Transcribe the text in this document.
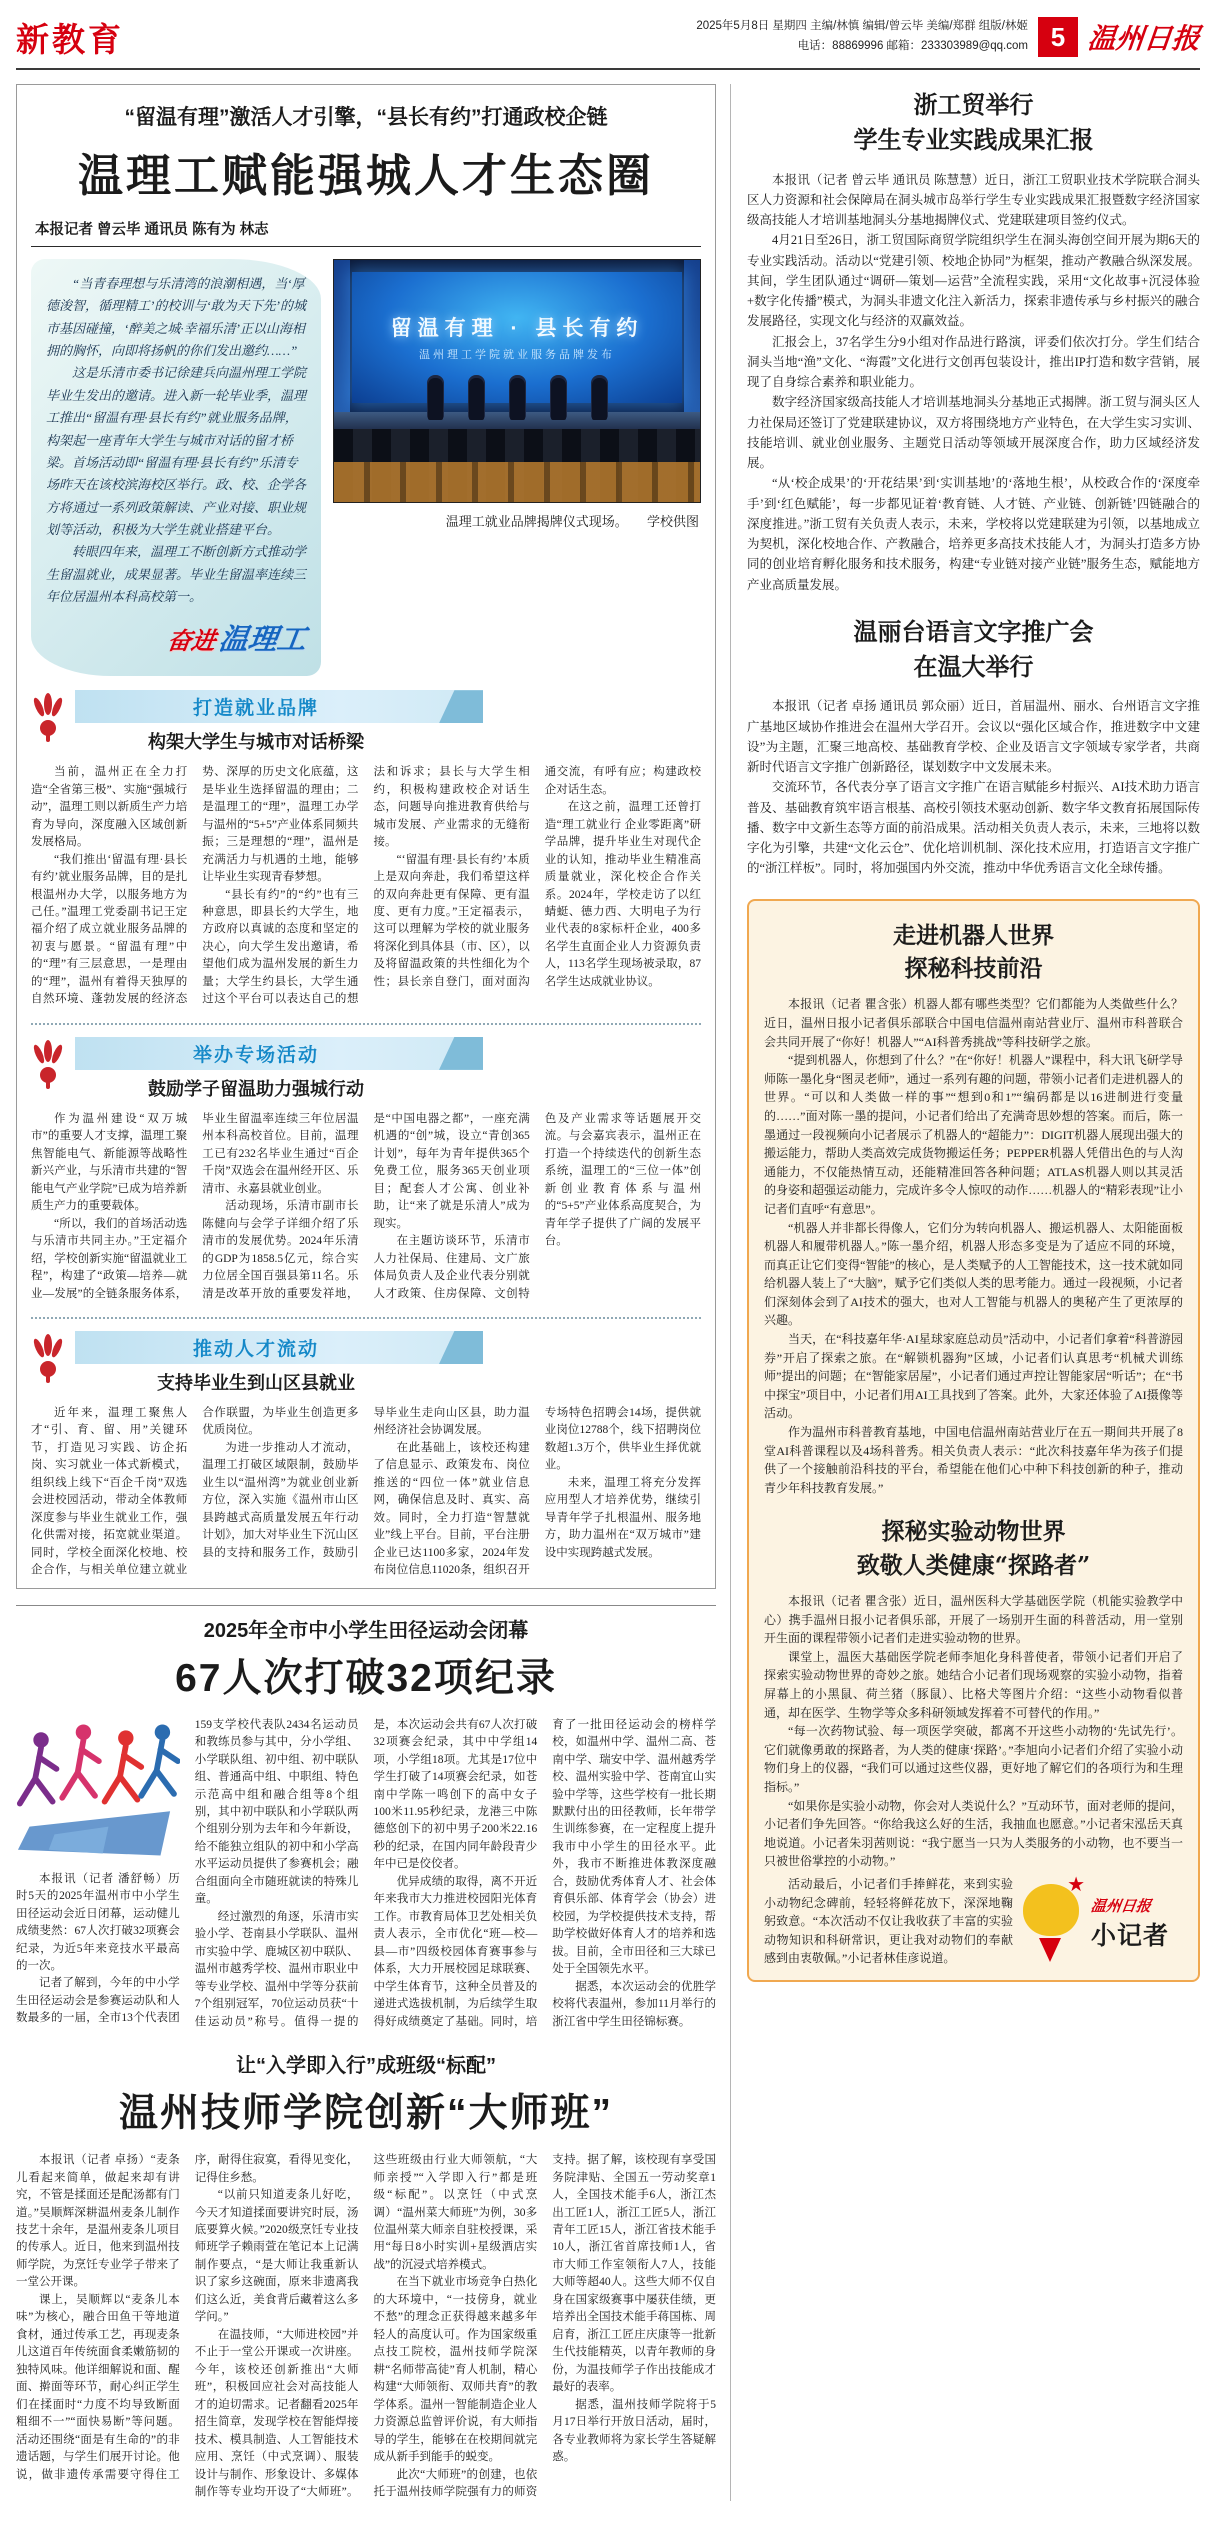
新教育	2025年5月8日 星期四 主编/林慎 编辑/曾云毕 美编/郑群 组版/林姬
电话：88869996 邮箱：233303989@qq.com 5 温州日报
“留温有理”激活人才引擎，“县长有约”打通政校企链
温理工赋能强城人才生态圈
本报记者 曾云毕 通讯员 陈有为 林志

“当青春理想与乐清湾的浪潮相遇，当‘厚德浚智，循理精工’的校训与‘敢为天下先’的城市基因碰撞，‘醉美之城·幸福乐清’正以山海相拥的胸怀，向即将扬帆的你们发出邀约……”

这是乐清市委书记徐建兵向温州理工学院毕业生发出的邀请。进入新一轮毕业季，温理工推出“留温有理·县长有约”就业服务品牌，构架起一座青年大学生与城市对话的留才桥梁。首场活动即“留温有理·县长有约”乐清专场昨天在该校滨海校区举行。政、校、企学各方将通过一系列政策解读、产业对接、职业规划等活动，积极为大学生就业搭建平台。

转眼四年来，温理工不断创新方式推动学生留温就业，成果显著。毕业生留温率连续三年位居温州本科高校第一。

奋进 温理工
留温有理 · 县长有约
温州理工学院就业服务品牌发布
温理工就业品牌揭牌仪式现场。 学校供图
打造就业品牌
构架大学生与城市对话桥梁

当前，温州正在全力打造“全省第三极”、实施“强城行动”，温理工则以新质生产力培育为导向，深度融入区域创新发展格局。

“我们推出‘留温有理·县长有约’就业服务品牌，目的是扎根温州办大学，以服务地方为己任。”温理工党委副书记王定福介绍了成立就业服务品牌的初衷与愿景。“留温有理”中的“理”有三层意思，一是理由的“理”，温州有着得天独厚的自然环境、蓬勃发展的经济态势、深厚的历史文化底蕴，这是毕业生选择留温的理由；二是温理工的“理”，温理工办学与温州的“5+5”产业体系同频共振；三是理想的“理”，温州是充满活力与机遇的土地，能够让毕业生实现青春梦想。

“县长有约”的“约”也有三种意思，即县长约大学生，地方政府以真诚的态度和坚定的决心，向大学生发出邀请，希望他们成为温州发展的新生力量；大学生约县长，大学生通过这个平台可以表达自己的想法和诉求；县长与大学生相约，积极构建政校企对话生态，问题导向推进教育供给与城市发展、产业需求的无缝衔接。

“‘留温有理·县长有约’本质上是双向奔赴，我们希望这样的双向奔赴更有保障、更有温度、更有力度。”王定福表示，这可以理解为学校的就业服务将深化到具体县（市、区），以及将留温政策的共性细化为个性；县长亲自登门，面对面沟通交流，有呼有应；构建政校企对话生态。

在这之前，温理工还曾打造“理工就业行 企业零距离”研学品牌，提升毕业生对现代企业的认知，推动毕业生精准高质量就业，深化校企合作关系。2024年，学校走访了以红蜻蜓、德力西、大明电子为行业代表的8家标杆企业，400多名学生直面企业人力资源负责人，113名学生现场被录取，87名学生达成就业协议。

举办专场活动
鼓励学子留温助力强城行动

作为温州建设“双万城市”的重要人才支撑，温理工聚焦智能电气、新能源等战略性新兴产业，与乐清市共建的“智能电气产业学院”已成为培养新质生产力的重要载体。

“所以，我们的首场活动选与乐清市共同主办。”王定福介绍，学校创新实施“留温就业工程”，构建了“政策—培养—就业—发展”的全链条服务体系，毕业生留温率连续三年位居温州本科高校首位。目前，温理工已有232名毕业生通过“百企千岗”双选会在温州经开区、乐清市、永嘉县就业创业。

活动现场，乐清市副市长陈健向与会学子详细介绍了乐清市的发展优势。2024年乐清的GDP为1858.5亿元，综合实力位居全国百强县第11名。乐清是改革开放的重要发祥地，是“中国电器之都”，一座充满机遇的“创”城，设立“青创365计划”，每年为青年提供365个免费工位，服务365天创业项目；配套人才公寓、创业补助，让“来了就是乐清人”成为现实。

在主题访谈环节，乐清市人力社保局、住建局、文广旅体局负责人及企业代表分别就人才政策、住房保障、文创特色及产业需求等话题展开交流。与会嘉宾表示，温州正在打造一个持续迭代的创新生态系统，温理工的“三位一体”创新创业教育体系与温州的“5+5”产业体系高度契合，为青年学子提供了广阔的发展平台。

推动人才流动
支持毕业生到山区县就业

近年来，温理工聚焦人才“引、育、留、用”关键环节，打造见习实践、访企拓岗、实习就业一体式新模式，组织线上线下“百企千岗”双选会进校园活动，带动全体教师深度参与毕业生就业工作，强化供需对接，拓宽就业渠道。同时，学校全面深化校地、校企合作，与相关单位建立就业合作联盟，为毕业生创造更多优质岗位。

为进一步推动人才流动，温理工打破区域限制，鼓励毕业生以“温州湾”为就业创业新方位，深入实施《温州市山区县跨越式高质量发展五年行动计划》，加大对毕业生下沉山区县的支持和服务工作，鼓励引导毕业生走向山区县，助力温州经济社会协调发展。

在此基础上，该校还构建了信息显示、政策发布、岗位推送的“四位一体”就业信息网，确保信息及时、真实、高效。同时，全力打造“智慧就业”线上平台。目前，平台注册企业已达1100多家，2024年发布岗位信息11020条，组织召开专场特色招聘会14场，提供就业岗位12788个，线下招聘岗位数超1.3万个，供毕业生择优就业。

未来，温理工将充分发挥应用型人才培养优势，继续引导青年学子扎根温州、服务地方，助力温州在“双万城市”建设中实现跨越式发展。

2025年全市中小学生田径运动会闭幕
67人次打破32项纪录

本报讯（记者 潘舒畅）历时5天的2025年温州市中小学生田径运动会近日闭幕，运动健儿成绩斐然：67人次打破32项赛会纪录，为近5年来竞技水平最高的一次。

记者了解到，今年的中小学生田径运动会是参赛运动队和人数最多的一届，全市13个代表团159支学校代表队2434名运动员和教练员参与其中，分小学组、小学联队组、初中组、初中联队组、普通高中组、中职组、特色示范高中组和融合组等8个组别，其中初中联队和小学联队两个组别分别为去年和今年新设，给不能独立组队的初中和小学高水平运动员提供了参赛机会；融合组面向全市随班就读的特殊儿童。

经过激烈的角逐，乐清市实验小学、苍南县小学联队、温州市实验中学、鹿城区初中联队、温州市越秀学校、温州市职业中等专业学校、温州中学等分获前7个组别冠军，70位运动员获“十佳运动员”称号。值得一提的是，本次运动会共有67人次打破32项赛会纪录，其中中学组14项，小学组18项。尤其是17位中学生打破了14项赛会纪录，如苍南中学陈一鸣创下的高中女子100米11.95秒纪录，龙港三中陈德悠创下的初中男子200米22.16秒的纪录，在国内同年龄段青少年中已是佼佼者。

优异成绩的取得，离不开近年来我市大力推进校园阳光体育工作。市教育局体卫艺处相关负责人表示，全市优化“班—校—县—市”四级校园体育赛事参与体系，大力开展校园足球联赛、中学生体育节，这种全员普及的递进式选拔机制，为后续学生取得好成绩奠定了基础。同时，培育了一批田径运动会的榜样学校，如温州中学、温州二高、苍南中学、瑞安中学、温州越秀学校、温州实验中学、苍南宜山实验中学等，这些学校有一批长期默默付出的田径教师，长年带学生训练参赛，在一定程度上提升我市中小学生的田径水平。此外，我市不断推进体教深度融合，鼓励优秀体育人才、社会体育俱乐部、体育学会（协会）进校园，为学校提供技术支持，帮助学校做好体育人才的培养和选拔。目前，全市田径和三大球已处于全国领先水平。

据悉，本次运动会的优胜学校将代表温州，参加11月举行的浙江省中学生田径锦标赛。

让“入学即入行”成班级“标配”
温州技师学院创新“大师班”

本报讯（记者 卓扬）“麦条儿看起来简单，做起来却有讲究，不管是揉面还是配汤都有门道。”吴顺辉深耕温州麦条儿制作技艺十余年，是温州麦条儿项目的传承人。近日，他来到温州技师学院，为烹饪专业学子带来了一堂公开课。

课上，吴顺辉以“麦条儿本味”为核心，融合田鱼干等地道食材，通过传承工艺，再现麦条儿这道百年传统面食柔嫩筋韧的独特风味。他详细解说和面、醒面、擀面等环节，耐心纠正学生们在揉面时“力度不均导致断面粗细不一”“面快易断”等问题。活动还围绕“面是有生命的”的非遗话题，与学生们展开讨论。他说，做非遗传承需要守得住工序，耐得住寂寞，看得见变化，记得住乡愁。

“以前只知道麦条儿好吃，今天才知道揉面要讲究时辰，汤底要算火候。”2020级烹饪专业技师班学子赖雨萱在笔记本上记满制作要点，“是大师让我重新认识了家乡这碗面，原来非遗离我们这么近，美食背后藏着这么多学问。”

在温技师，“大师进校园”并不止于一堂公开课或一次讲座。今年，该校还创新推出“大师班”，积极回应社会对高技能人才的迫切需求。记者翻看2025年招生简章，发现学校在智能焊接技术、模具制造、人工智能技术应用、烹饪（中式烹调）、服装设计与制作、形象设计、多媒体制作等专业均开设了“大师班”。这些班级由行业大师领航，“大师亲授”“入学即入行”都是班级“标配”。以烹饪（中式烹调）“温州菜大师班”为例，30多位温州菜大师亲自驻校授课，采用“每日8小时实训+星级酒店实战”的沉浸式培养模式。

在当下就业市场竞争白热化的大环境中，“一技傍身，就业不愁”的理念正获得越来越多年轻人的高度认可。作为国家级重点技工院校，温州技师学院深耕“名师带高徒”育人机制，精心构建“大师领衔、双师共育”的教学体系。温州一智能制造企业人力资源总监曾评价说，有大师指导的学生，能够在在校期间就完成从新手到能手的蜕变。

此次“大师班”的创建，也依托于温州技师学院强有力的师资支持。据了解，该校现有享受国务院津贴、全国五一劳动奖章1人，全国技术能手6人，浙江杰出工匠1人，浙江工匠5人，浙江青年工匠15人，浙江省技术能手10人，浙江省首席技师1人，省市大师工作室领衔人7人，技能大师等超40人。这些大师不仅自身在国家级赛事中屡获佳绩，更培养出全国技术能手蒋国栋、周启育，浙江工匠庄庆康等一批新生代技能精英，以青年教师的身份，为温技师学子作出技能成才最好的表率。

据悉，温州技师学院将于5月17日举行开放日活动，届时，各专业教师将为家长学生答疑解惑。

浙工贸举行
学生专业实践成果汇报

本报讯（记者 曾云毕 通讯员 陈慧慧）近日，浙江工贸职业技术学院联合洞头区人力资源和社会保障局在洞头城市岛举行学生专业实践成果汇报暨数字经济国家级高技能人才培训基地洞头分基地揭牌仪式、党建联建项目签约仪式。

4月21日至26日，浙工贸国际商贸学院组织学生在洞头海创空间开展为期6天的专业实践活动。活动以“党建引领、校地企协同”为框架，推动产教融合纵深发展。其间，学生团队通过“调研—策划—运营”全流程实践，采用“文化故事+沉浸体验+数字化传播”模式，为洞头非遗文化注入新活力，探索非遗传承与乡村振兴的融合发展路径，实现文化与经济的双赢效益。

汇报会上，37名学生分9小组对作品进行路演，评委们依次打分。学生们结合洞头当地“渔”文化、“海霞”文化进行文创再包装设计，推出IP打造和数字营销，展现了自身综合素养和职业能力。

数字经济国家级高技能人才培训基地洞头分基地正式揭牌。浙工贸与洞头区人力社保局还签订了党建联建协议，双方将围绕地方产业特色，在大学生实习实训、技能培训、就业创业服务、主题党日活动等领域开展深度合作，助力区域经济发展。

“从‘校企成果’的‘开花结果’到‘实训基地’的‘落地生根’，从校政合作的‘深度牵手’到‘红色赋能’，每一步都见证着‘教育链、人才链、产业链、创新链’四链融合的深度推进。”浙工贸有关负责人表示，未来，学校将以党建联建为引领，以基地成立为契机，深化校地合作、产教融合，培养更多高技术技能人才，为洞头打造多方协同的创业培育孵化服务和技术服务，构建“专业链对接产业链”服务生态，赋能地方产业高质量发展。

温丽台语言文字推广会
在温大举行

本报讯（记者 卓扬 通讯员 郭众丽）近日，首届温州、丽水、台州语言文字推广基地区域协作推进会在温州大学召开。会议以“强化区域合作，推进数字中文建设”为主题，汇聚三地高校、基础教育学校、企业及语言文字领域专家学者，共商新时代语言文字推广创新路径，谋划数字中文发展未来。

交流环节，各代表分享了语言文字推广在语言赋能乡村振兴、AI技术助力语言普及、基础教育筑牢语言根基、高校引领技术驱动创新、数字华文教育拓展国际传播、数字中文新生态等方面的前沿成果。活动相关负责人表示，未来，三地将以数字化为引擎，共建“文化云仓”、优化培训机制、深化技术应用，打造语言文字推广的“浙江样板”。同时，将加强国内外交流，推动中华优秀语言文化全球传播。

走进机器人世界
探秘科技前沿

本报讯（记者 瞿含张）机器人都有哪些类型？它们都能为人类做些什么？近日，温州日报小记者俱乐部联合中国电信温州南站营业厅、温州市科普联合会共同开展了“你好！机器人”“AI科普秀挑战”等科技研学之旅。

“提到机器人，你想到了什么？”在“你好！机器人”课程中，科大讯飞研学导师陈一墨化身“图灵老师”，通过一系列有趣的问题，带领小记者们走进机器人的世界。“可以和人类做一样的事”“想到0和1”“编码都是以16进制进行变量的……”面对陈一墨的提问，小记者们给出了充满奇思妙想的答案。而后，陈一墨通过一段视频向小记者展示了机器人的“超能力”：DIGIT机器人展现出强大的搬运能力，帮助人类高效完成货物搬运任务；PEPPER机器人凭借出色的与人沟通能力，不仅能热情互动，还能精准回答各种问题；ATLAS机器人则以其灵活的身姿和超强运动能力，完成许多令人惊叹的动作……机器人的“精彩表现”让小记者们直呼“有意思”。

“机器人并非都长得像人，它们分为转向机器人、搬运机器人、太阳能面板机器人和履带机器人。”陈一墨介绍，机器人形态多变是为了适应不同的环境，而真正让它们变得“智能”的核心，是人类赋予的人工智能技术，这一技术就如同给机器人装上了“大脑”，赋予它们类似人类的思考能力。通过一段视频，小记者们深刻体会到了AI技术的强大，也对人工智能与机器人的奥秘产生了更浓厚的兴趣。

当天，在“科技嘉年华·AI星球家庭总动员”活动中，小记者们拿着“科普游园券”开启了探索之旅。在“解锁机器狗”区域，小记者们认真思考“机械犬训练师”提出的问题；在“智能家居屋”，小记者们通过声控让智能家居“听话”；在“书中探宝”项目中，小记者们用AI工具找到了答案。此外，大家还体验了AI摄像等活动。

作为温州市科普教育基地，中国电信温州南站营业厅在五一期间共开展了8堂AI科普课程以及4场科普秀。相关负责人表示：“此次科技嘉年华为孩子们提供了一个接触前沿科技的平台，希望能在他们心中种下科技创新的种子，推动青少年科技教育发展。”

探秘实验动物世界
致敬人类健康“探路者”

本报讯（记者 瞿含张）近日，温州医科大学基础医学院（机能实验教学中心）携手温州日报小记者俱乐部，开展了一场别开生面的科普活动，用一堂别开生面的课程带领小记者们走进实验动物的世界。

课堂上，温医大基础医学院老师李旭化身科普使者，带领小记者们开启了探索实验动物世界的奇妙之旅。她结合小记者们现场观察的实验小动物，指着屏幕上的小黑鼠、荷兰猪（豚鼠）、比格犬等图片介绍：“这些小动物看似普通，却在医学、生物学等众多科研领域发挥着不可替代的作用。”

“每一次药物试验、每一项医学突破，都离不开这些小动物的‘先试先行’。它们就像勇敢的探路者，为人类的健康‘探路’。”李旭向小记者们介绍了实验小动物们身上的仪器，“我们可以通过这些仪器，更好地了解它们的各项行为和生理指标。”

“如果你是实验小动物，你会对人类说什么？”互动环节，面对老师的提问，小记者们争先回答。“你给我这么好的生活，我抽血也愿意。”小记者宋泓岳天真地说道。小记者朱羽茜则说：“我宁愿当一只为人类服务的小动物，也不要当一只被世俗掌控的小动物。”

活动最后，小记者们手捧鲜花，来到实验小动物纪念碑前，轻轻将鲜花放下，深深地鞠躬致意。“本次活动不仅让我收获了丰富的实验动物知识和科研常识，更让我对动物们的奉献感到由衷敬佩。”小记者林佳彦说道。

★
温州日报
小记者
